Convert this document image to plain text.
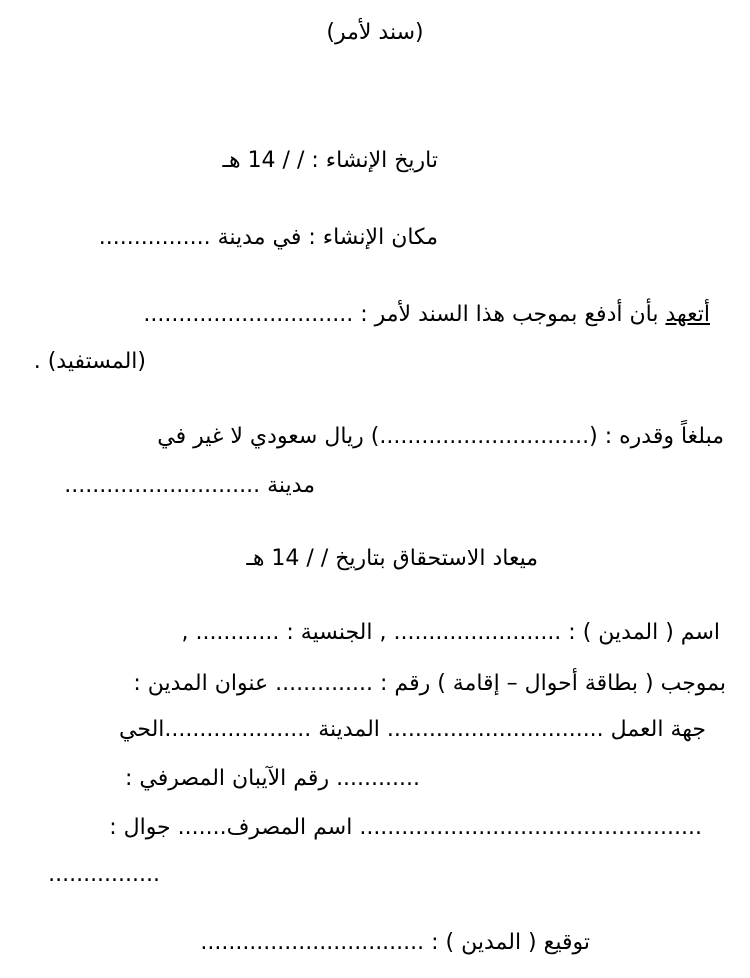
(سند لأمر)
تاريخ الإنشاء : / / 14 هـ
مكان الإنشاء : في مدينة ................
أتعهد بأن أدفع بموجب هذا السند لأمر : ..............................
(المستفيد) .
مبلغاً وقدره : (..............................) ريال سعودي لا غير في
مدينة ............................
ميعاد الاستحقاق بتاريخ / / 14 هـ
اسم ( المدين ) : ........................ , الجنسية : ............ ,
بموجب ( بطاقة أحوال – إقامة ) رقم : .............. عنوان المدين :
جهة العمل ............................... المدينة .....................الحي
............ رقم الآيبان المصرفي :
................................................. اسم المصرف....... جوال :
................
توقيع ( المدين ) : ................................
